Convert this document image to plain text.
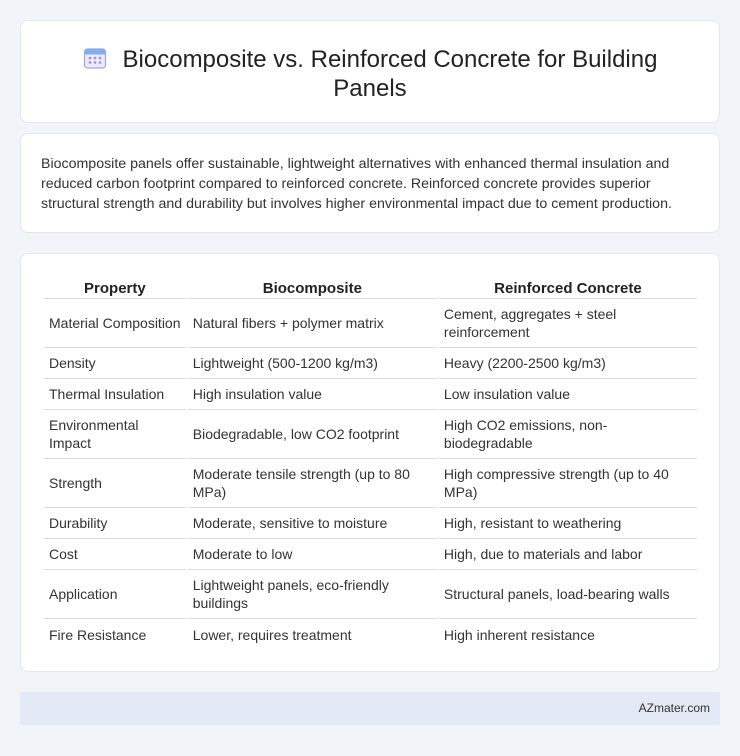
Biocomposite vs. Reinforced Concrete for Building Panels

Biocomposite panels offer sustainable, lightweight alternatives with enhanced thermal insulation and reduced carbon footprint compared to reinforced concrete. Reinforced concrete provides superior structural strength and durability but involves higher environmental impact due to cement production.

Property	Biocomposite	Reinforced Concrete
Material Composition	Natural fibers + polymer matrix	Cement, aggregates + steel reinforcement
Density	Lightweight (500-1200 kg/m3)	Heavy (2200-2500 kg/m3)
Thermal Insulation	High insulation value	Low insulation value
Environmental Impact	Biodegradable, low CO2 footprint	High CO2 emissions, non-biodegradable
Strength	Moderate tensile strength (up to 80 MPa)	High compressive strength (up to 40 MPa)
Durability	Moderate, sensitive to moisture	High, resistant to weathering
Cost	Moderate to low	High, due to materials and labor
Application	Lightweight panels, eco-friendly buildings	Structural panels, load-bearing walls
Fire Resistance	Lower, requires treatment	High inherent resistance
AZmater.com
